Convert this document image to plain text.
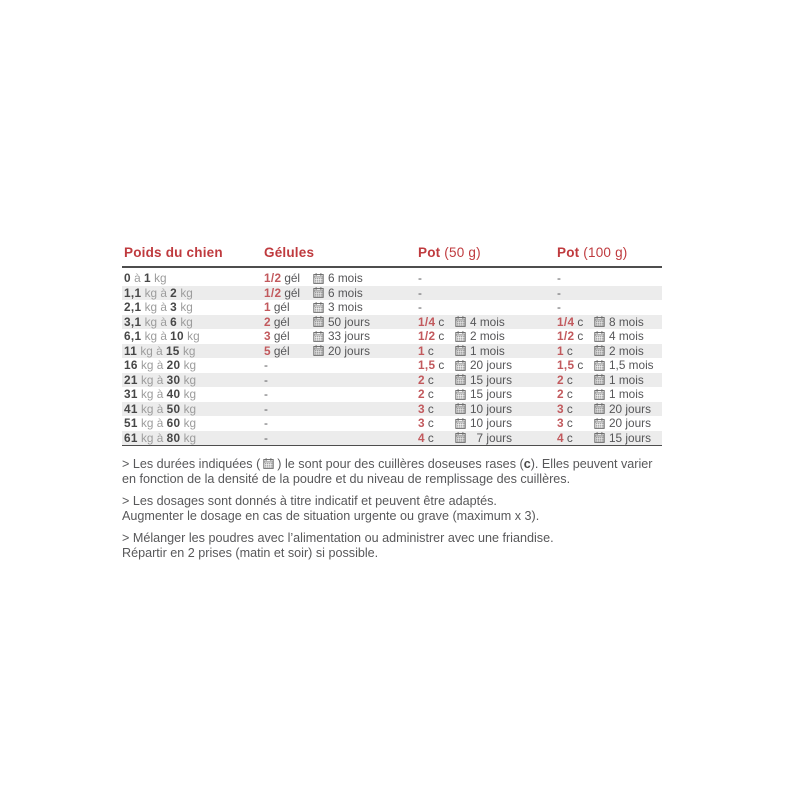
Poids du chien	Gélules	Pot (50 g)	Pot (100 g)
0 à 1 kg	1/2 gél	6 mois	-	-
1,1 kg à 2 kg	1/2 gél	6 mois	-	-
2,1 kg à 3 kg	1 gél	3 mois	-	-
3,1 kg à 6 kg	2 gél	50 jours	1/4 c	4 mois	1/4 c	8 mois
6,1 kg à 10 kg	3 gél	33 jours	1/2 c	2 mois	1/2 c	4 mois
11 kg à 15 kg	5 gél	20 jours	1 c	1 mois	1 c	2 mois
16 kg à 20 kg	-	1,5 c	20 jours	1,5 c	1,5 mois
21 kg à 30 kg	-	2 c	15 jours	2 c	1 mois
31 kg à 40 kg	-	2 c	15 jours	2 c	1 mois
41 kg à 50 kg	-	3 c	10 jours	3 c	20 jours
51 kg à 60 kg	-	3 c	10 jours	3 c	20 jours
61 kg à 80 kg	-	4 c	7 jours	4 c	15 jours
> Les durées indiquées ( ) le sont pour des cuillères doseuses rases (c). Elles peuvent varier
en fonction de la densité de la poudre et du niveau de remplissage des cuillères.
> Les dosages sont donnés à titre indicatif et peuvent être adaptés.
Augmenter le dosage en cas de situation urgente ou grave (maximum x 3).
> Mélanger les poudres avec l’alimentation ou administrer avec une friandise.
Répartir en 2 prises (matin et soir) si possible.
